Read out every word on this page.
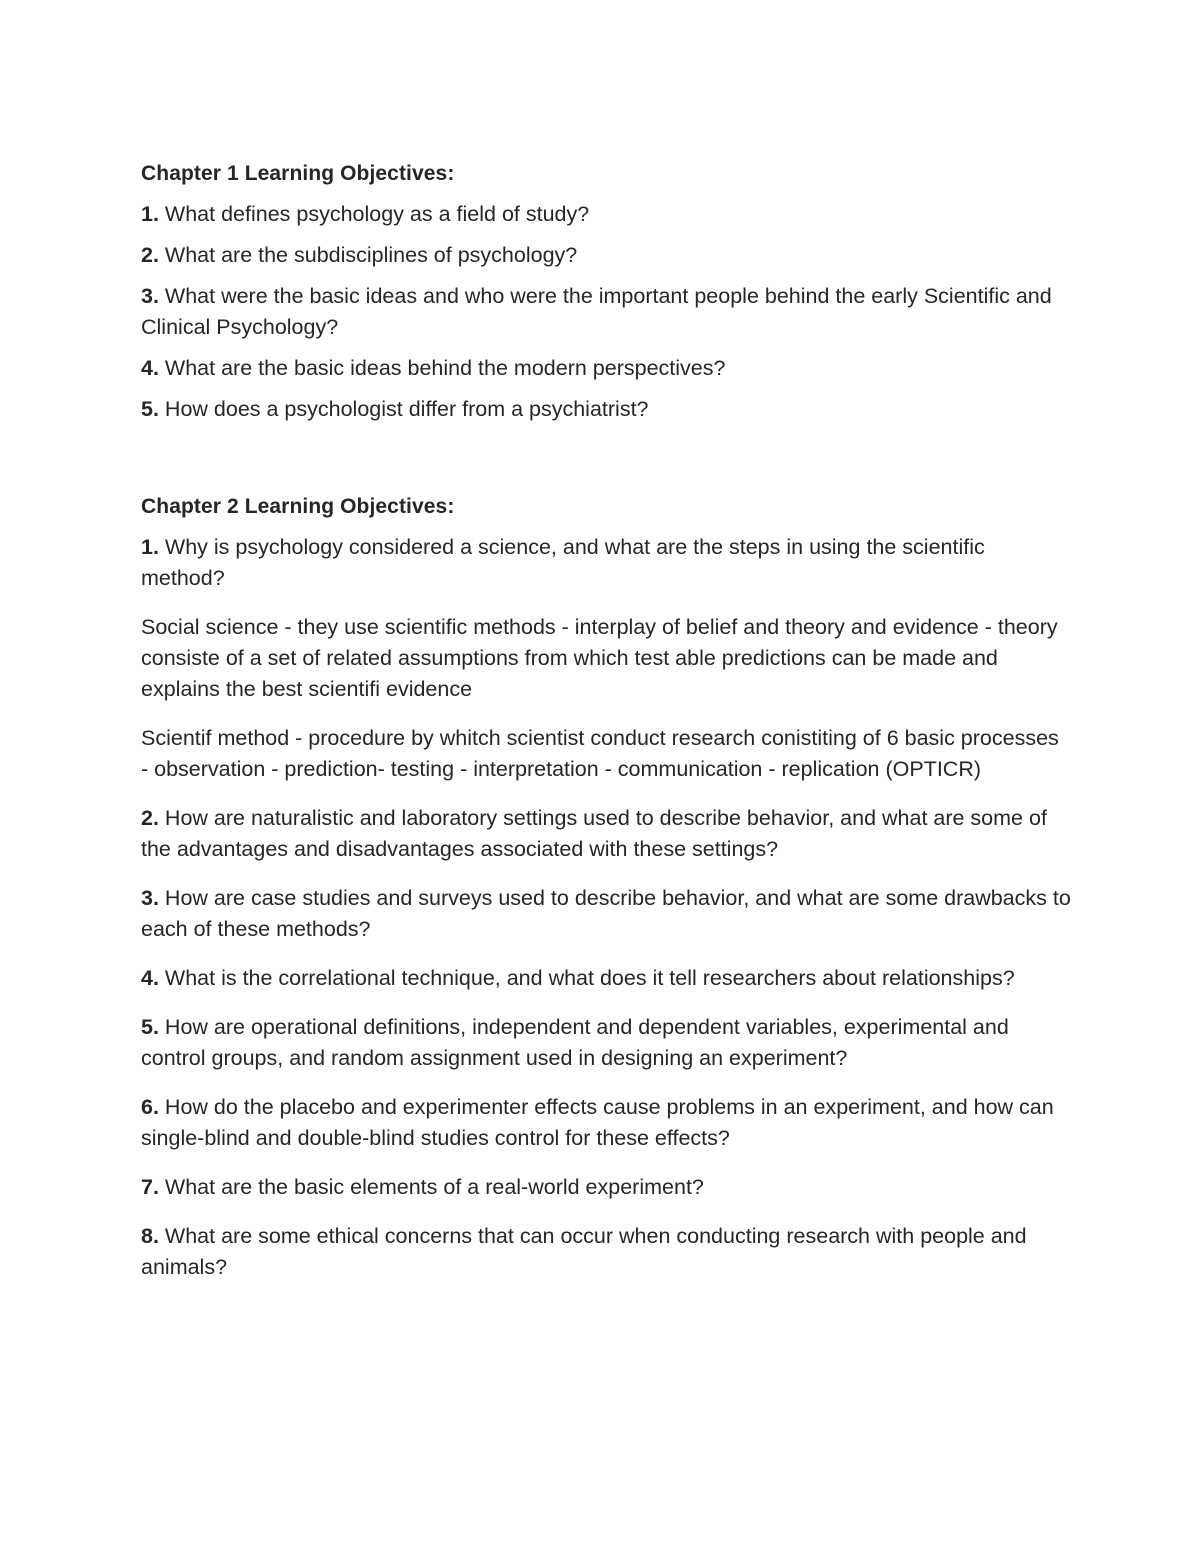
Chapter 1 Learning Objectives:

1. What defines psychology as a field of study?

2. What are the subdisciplines of psychology?

3. What were the basic ideas and who were the important people behind the early Scientific and Clinical Psychology?

4. What are the basic ideas behind the modern perspectives?

5. How does a psychologist differ from a psychiatrist?

Chapter 2 Learning Objectives:

1. Why is psychology considered a science, and what are the steps in using the scientific method?

Social science - they use scientific methods - interplay of belief and theory and evidence - theory consiste of a set of related assumptions from which test able predictions can be made and explains the best scientifi evidence

Scientif method - procedure by whitch scientist conduct research conistiting of 6 basic processes - observation - prediction- testing - interpretation - communication - replication (OPTICR)

2. How are naturalistic and laboratory settings used to describe behavior, and what are some of the advantages and disadvantages associated with these settings?

3. How are case studies and surveys used to describe behavior, and what are some drawbacks to each of these methods?

4. What is the correlational technique, and what does it tell researchers about relationships?

5. How are operational definitions, independent and dependent variables, experimental and control groups, and random assignment used in designing an experiment?

6. How do the placebo and experimenter effects cause problems in an experiment, and how can single-blind and double-blind studies control for these effects?

7. What are the basic elements of a real-world experiment?

8. What are some ethical concerns that can occur when conducting research with people and animals?
